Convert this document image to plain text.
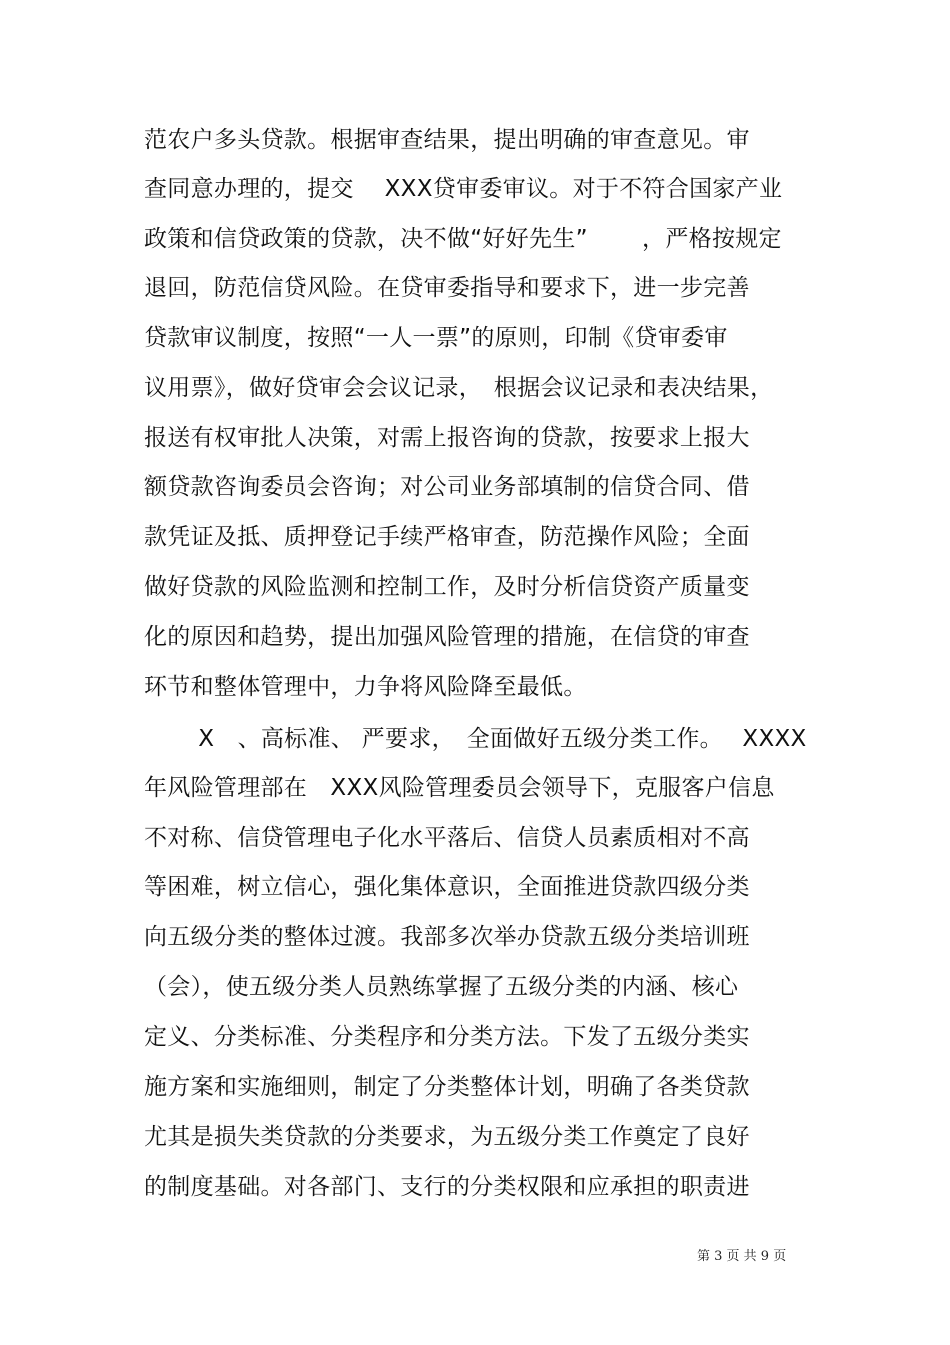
范农户多头贷款。根据审查结果，提出明确的审查意见。审
查同意办理的，提交　 XXX贷审委审议。对于不符合国家产业
政策和信贷政策的贷款，决不做“好好先生”　　 ，严格按规定
退回，防范信贷风险。在贷审委指导和要求下，进一步完善
贷款审议制度，按照“一人一票”的原则，印制《贷审委审
议用票》，做好贷审会会议记录，　根据会议记录和表决结果，
报送有权审批人决策，对需上报咨询的贷款，按要求上报大
额贷款咨询委员会咨询；对公司业务部填制的信贷合同、借
款凭证及抵、质押登记手续严格审查，防范操作风险；全面
做好贷款的风险监测和控制工作，及时分析信贷资产质量变
化的原因和趋势，提出加强风险管理的措施，在信贷的审查
环节和整体管理中，力争将风险降至最低。
　　 X　、高标准、 严要求，　全面做好五级分类工作。　 XXXX
年风险管理部在　XXX风险管理委员会领导下，克服客户信息
不对称、信贷管理电子化水平落后、信贷人员素质相对不高
等困难，树立信心，强化集体意识，全面推进贷款四级分类
向五级分类的整体过渡。我部多次举办贷款五级分类培训班
（会），使五级分类人员熟练掌握了五级分类的内涵、核心
定义、分类标准、分类程序和分类方法。下发了五级分类实
施方案和实施细则，制定了分类整体计划，明确了各类贷款
尤其是损失类贷款的分类要求，为五级分类工作奠定了良好
的制度基础。对各部门、支行的分类权限和应承担的职责进
第 3 页 共 9 页
